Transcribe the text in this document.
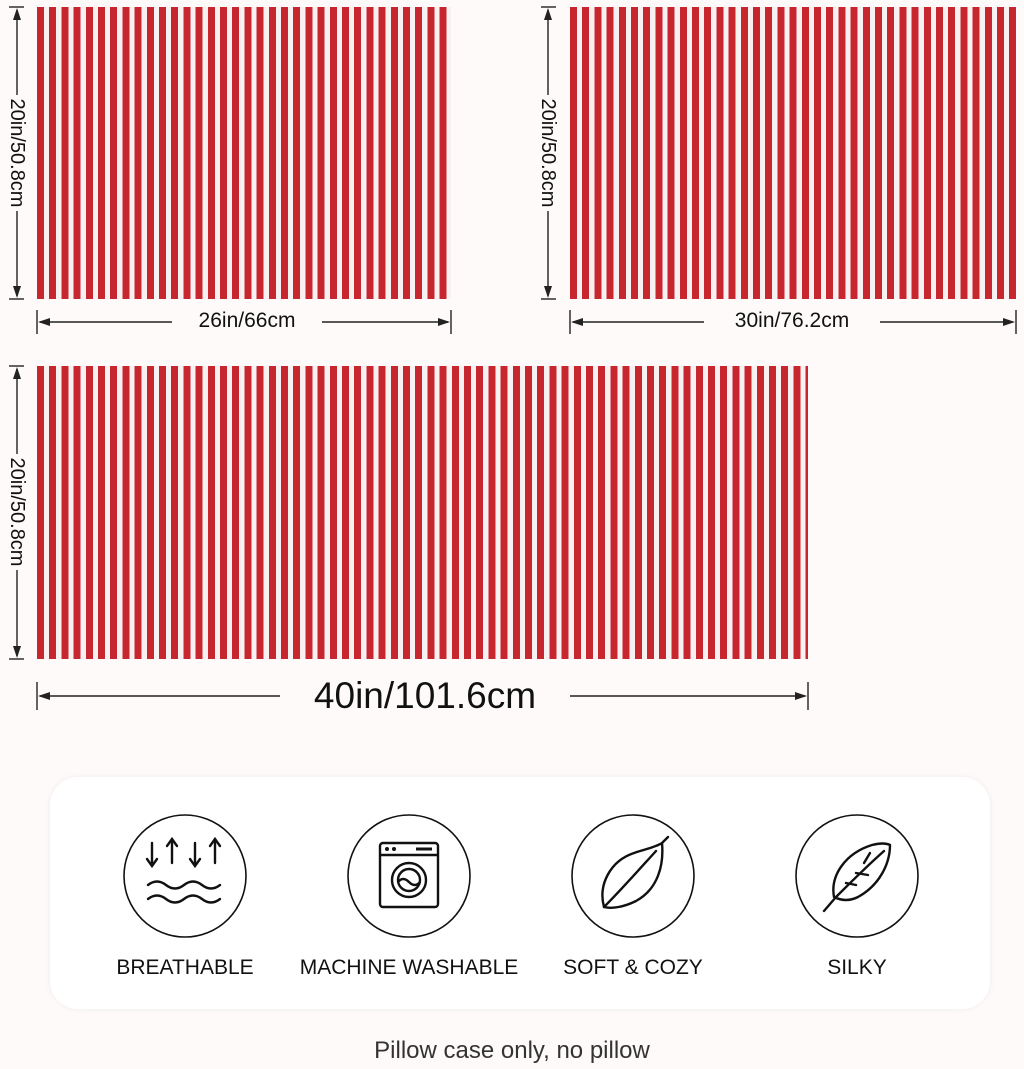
26in/66cm	30in/76.2cm
40in/101.6cm
20in/50.8cm	20in/50.8cm
20in/50.8cm
BREATHABLE	MACHINE WASHABLE	SOFT & COZY	SILKY
Pillow case only, no pillow
